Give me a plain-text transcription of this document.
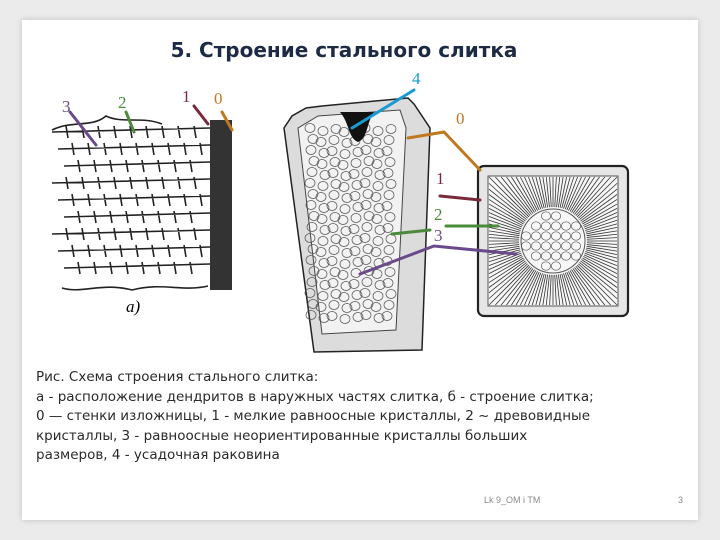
5. Строение стального слитка
3	2	1 0
а)
4
0
1
2
3
Рис. Схема строения стального слитка:
а - расположение дендритов в наружных частях слитка, б - строение слитка;
0 — стенки изложницы, 1 - мелкие равноосные кристаллы, 2 ~ древовидные
кристаллы, 3 - равноосные неориентированные кристаллы больших
размеров, 4 - усадочная раковина
Lk 9_OM i TM	3
